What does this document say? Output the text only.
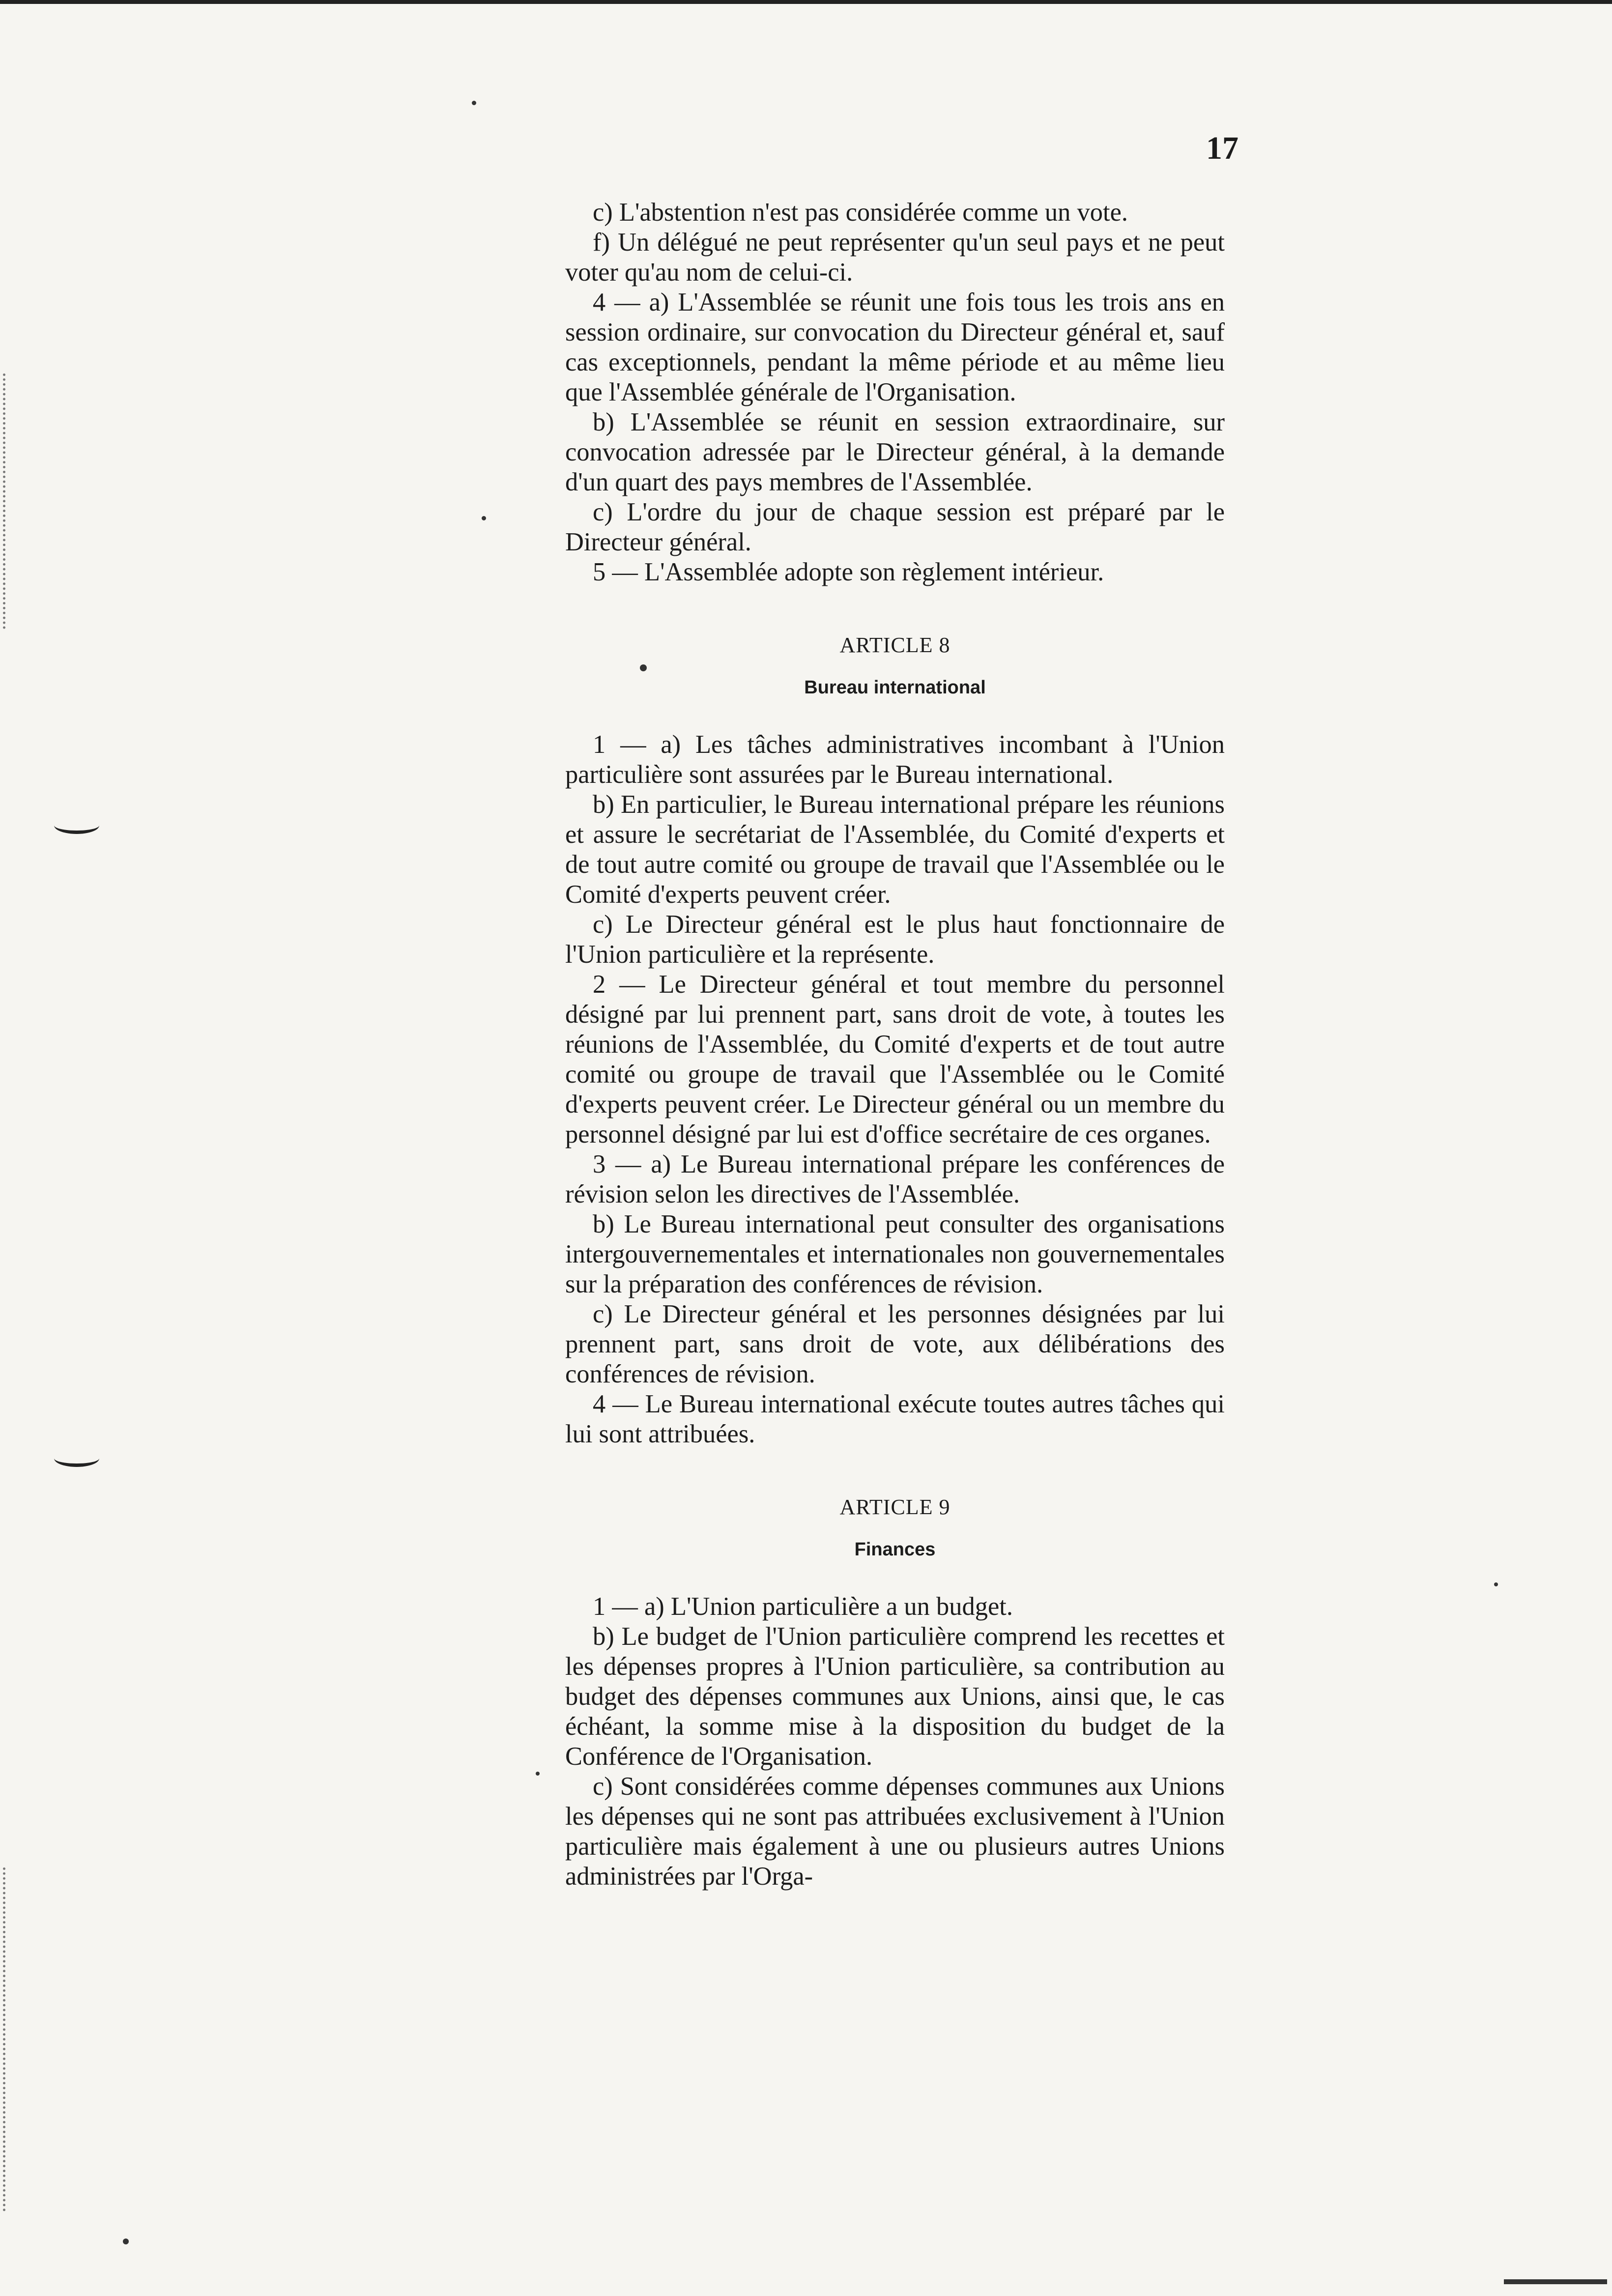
17

c) L'abstention n'est pas considérée comme un vote.

f) Un délégué ne peut représenter qu'un seul pays et ne peut voter qu'au nom de celui-ci.

4 — a) L'Assemblée se réunit une fois tous les trois ans en session ordinaire, sur convocation du Directeur général et, sauf cas exceptionnels, pendant la même période et au même lieu que l'Assemblée générale de l'Organisation.

b) L'Assemblée se réunit en session extraordinaire, sur convocation adressée par le Directeur général, à la demande d'un quart des pays membres de l'Assemblée.

c) L'ordre du jour de chaque session est préparé par le Directeur général.

5 — L'Assemblée adopte son règlement intérieur.

ARTICLE 8
Bureau international

1 — a) Les tâches administratives incombant à l'Union particulière sont assurées par le Bureau international.

b) En particulier, le Bureau international prépare les réunions et assure le secrétariat de l'Assemblée, du Comité d'experts et de tout autre comité ou groupe de travail que l'Assemblée ou le Comité d'experts peuvent créer.

c) Le Directeur général est le plus haut fonctionnaire de l'Union particulière et la représente.

2 — Le Directeur général et tout membre du personnel désigné par lui prennent part, sans droit de vote, à toutes les réunions de l'Assemblée, du Comité d'experts et de tout autre comité ou groupe de travail que l'Assemblée ou le Comité d'experts peuvent créer. Le Directeur général ou un membre du personnel désigné par lui est d'office secrétaire de ces organes.

3 — a) Le Bureau international prépare les conférences de révision selon les directives de l'Assemblée.

b) Le Bureau international peut consulter des organisations intergouvernementales et internationales non gouvernementales sur la préparation des conférences de révision.

c) Le Directeur général et les personnes désignées par lui prennent part, sans droit de vote, aux délibérations des conférences de révision.

4 — Le Bureau international exécute toutes autres tâches qui lui sont attribuées.

ARTICLE 9
Finances

1 — a) L'Union particulière a un budget.

b) Le budget de l'Union particulière comprend les recettes et les dépenses propres à l'Union particulière, sa contribution au budget des dépenses communes aux Unions, ainsi que, le cas échéant, la somme mise à la disposition du budget de la Conférence de l'Organisation.

c) Sont considérées comme dépenses communes aux Unions les dépenses qui ne sont pas attribuées exclusivement à l'Union particulière mais également à une ou plusieurs autres Unions administrées par l'Orga-
